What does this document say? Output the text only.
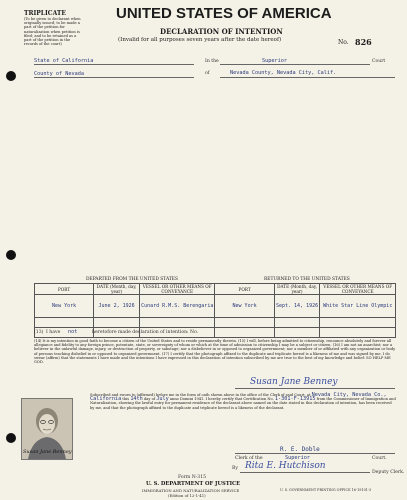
TRIPLICATE
(To be given to declarant when originally issued; to be made a part of the petition for naturalization when petition is filed; and to be retained as a part of the petition in the records of the court)
UNITED STATES OF AMERICA
DECLARATION OF INTENTION
(Invalid for all purposes seven years after the date hereof)	No. 826
State of California
County of Nevada
In the	Superior	Court
of	Nevada County, Nevada City, Calif.
DEPARTED FROM THE UNITED STATES	RETURNED TO THE UNITED STATES
PORT	DATE (Month, day, year)	VESSEL OR OTHER MEANS OF CONVEYANCE	PORT	DATE (Month, day, year)	VESSEL OR OTHER MEANS OF CONVEYANCE
New York	June 2, 1926	Cunard R.M.S. Berengaria	New York	Sept. 14, 1926	White Star Line Olympic

(13) I have not	heretofore made declaration of intention: No.
(14) It is my intention in good faith to become a citizen of the United States and to reside permanently therein. (15) I will, before being admitted to citizenship, renounce absolutely and forever all allegiance and fidelity to any foreign prince, potentate, state, or sovereignty of whom or which at the time of admission to citizenship I may be a subject or citizen. (16) I am not an anarchist; nor a believer in the unlawful damage, injury, or destruction of property, or sabotage; nor a disbeliever in or opposed to organized government; nor a member of or affiliated with any organization or body of persons teaching disbelief in or opposed to organized government. (17) I certify that the photograph affixed to the duplicate and triplicate hereof is a likeness of me and was signed by me. I do swear (affirm) that the statements I have made and the intentions I have expressed in this declaration of intention subscribed by me are true to the best of my knowledge and belief: SO HELP ME GOD.
Susan Jane Benney
Susan Jane Benney
Subscribed and sworn to (affirmed) before me in the form of oath shown above in the office of the Clerk of said Court, at Nevada City, Nevada Co., California this 14th day of July anno Domini 1941. I hereby certify that Certification No. 1-301-F-13915 from the Commissioner of Immigration and Naturalization, showing the lawful entry for permanent residence of the declarant above named on the date stated in this declaration of intention, has been received by me, and that the photograph affixed to the duplicate and triplicate hereof is a likeness of the declarant.
R. E. Doble
Clerk of the	Superior	Court.
By Rita E. Hutchison
Deputy Clerk.
Form N-315
U. S. DEPARTMENT OF JUSTICE
IMMIGRATION AND NATURALIZATION SERVICE
(Edition of 12-1-41)
U. S. GOVERNMENT PRINTING OFFICE 16-19101-3
